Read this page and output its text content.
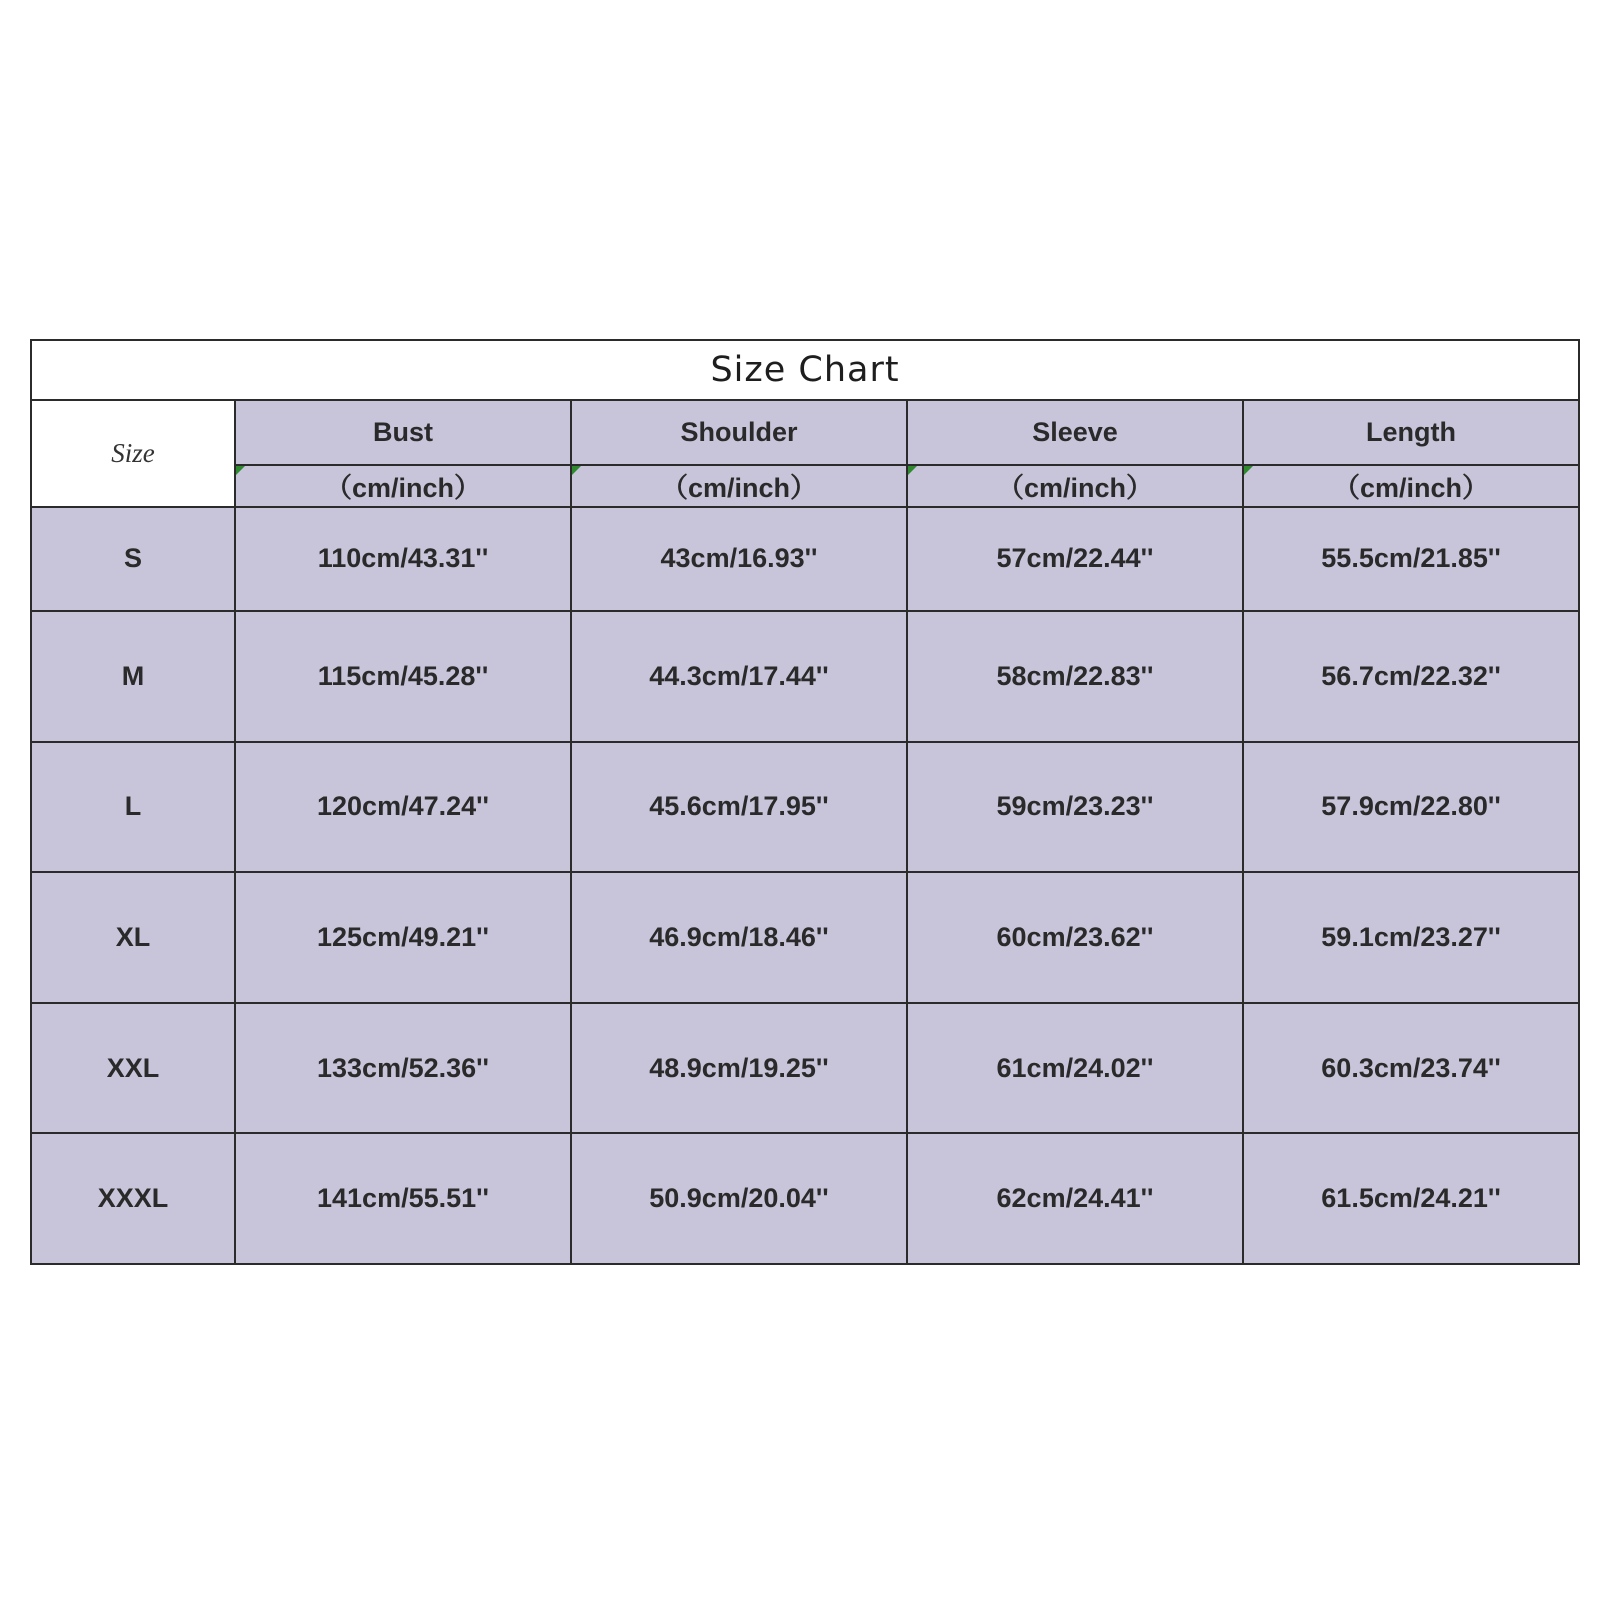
Size Chart				
Size	Bust	Shoulder	Sleeve	Length

（cm/inch）	（cm/inch）	（cm/inch）	（cm/inch）
S	110cm/43.31''	43cm/16.93''	57cm/22.44''	55.5cm/21.85''
M	115cm/45.28''	44.3cm/17.44''	58cm/22.83''	56.7cm/22.32''
L	120cm/47.24''	45.6cm/17.95''	59cm/23.23''	57.9cm/22.80''
XL	125cm/49.21''	46.9cm/18.46''	60cm/23.62''	59.1cm/23.27''
XXL	133cm/52.36''	48.9cm/19.25''	61cm/24.02''	60.3cm/23.74''
XXXL	141cm/55.51''	50.9cm/20.04''	62cm/24.41''	61.5cm/24.21''
